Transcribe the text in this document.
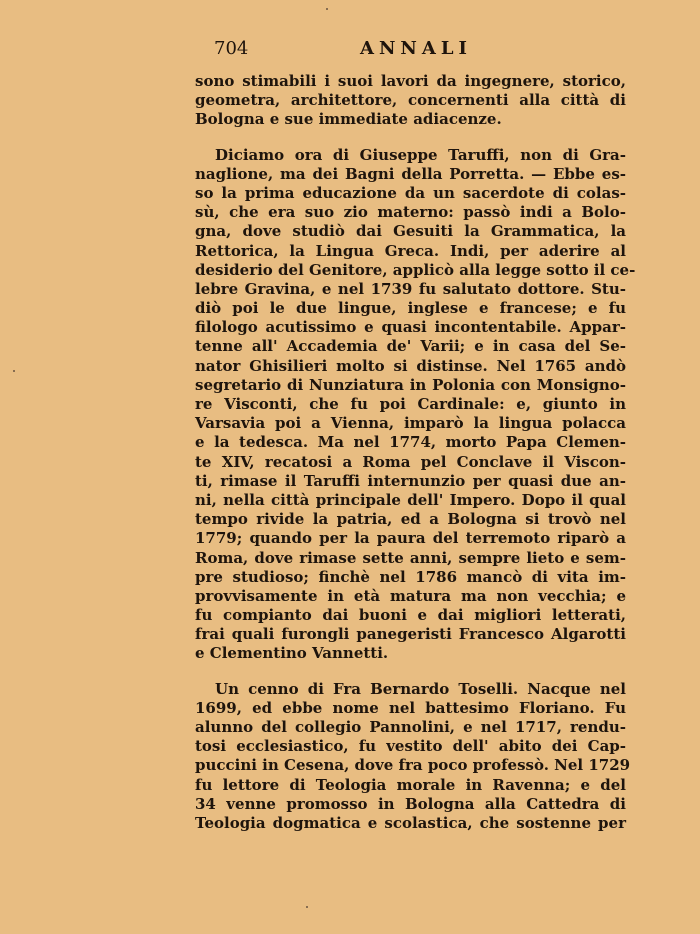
704	ANNALI
sono stimabili i suoi lavori da ingegnere, storico,
geometra, architettore, concernenti alla città di
Bologna e sue immediate adiacenze.
Diciamo ora di Giuseppe Taruffi, non di Gra-
naglione, ma dei Bagni della Porretta. — Ebbe es-
so la prima educazione da un sacerdote di colas-
sù, che era suo zio materno: passò indi a Bolo-
gna, dove studiò dai Gesuiti la Grammatica, la
Rettorica, la Lingua Greca. Indi, per aderire al
desiderio del Genitore, applicò alla legge sotto il ce-
lebre Gravina, e nel 1739 fu salutato dottore. Stu-
diò poi le due lingue, inglese e francese; e fu
filologo acutissimo e quasi incontentabile. Appar-
tenne all' Accademia de' Varii; e in casa del Se-
nator Ghisilieri molto si distinse. Nel 1765 andò
segretario di Nunziatura in Polonia con Monsigno-
re Visconti, che fu poi Cardinale: e, giunto in
Varsavia poi a Vienna, imparò la lingua polacca
e la tedesca. Ma nel 1774, morto Papa Clemen-
te XIV, recatosi a Roma pel Conclave il Viscon-
ti, rimase il Taruffi internunzio per quasi due an-
ni, nella città principale dell' Impero. Dopo il qual
tempo rivide la patria, ed a Bologna si trovò nel
1779; quando per la paura del terremoto riparò a
Roma, dove rimase sette anni, sempre lieto e sem-
pre studioso; finchè nel 1786 mancò di vita im-
provvisamente in età matura ma non vecchia; e
fu compianto dai buoni e dai migliori letterati,
frai quali furongli panegeristi Francesco Algarotti
e Clementino Vannetti.
Un cenno di Fra Bernardo Toselli. Nacque nel
1699, ed ebbe nome nel battesimo Floriano. Fu
alunno del collegio Pannolini, e nel 1717, rendu-
tosi ecclesiastico, fu vestito dell' abito dei Cap-
puccini in Cesena, dove fra poco professò. Nel 1729
fu lettore di Teologia morale in Ravenna; e del
34 venne promosso in Bologna alla Cattedra di
Teologia dogmatica e scolastica, che sostenne per
